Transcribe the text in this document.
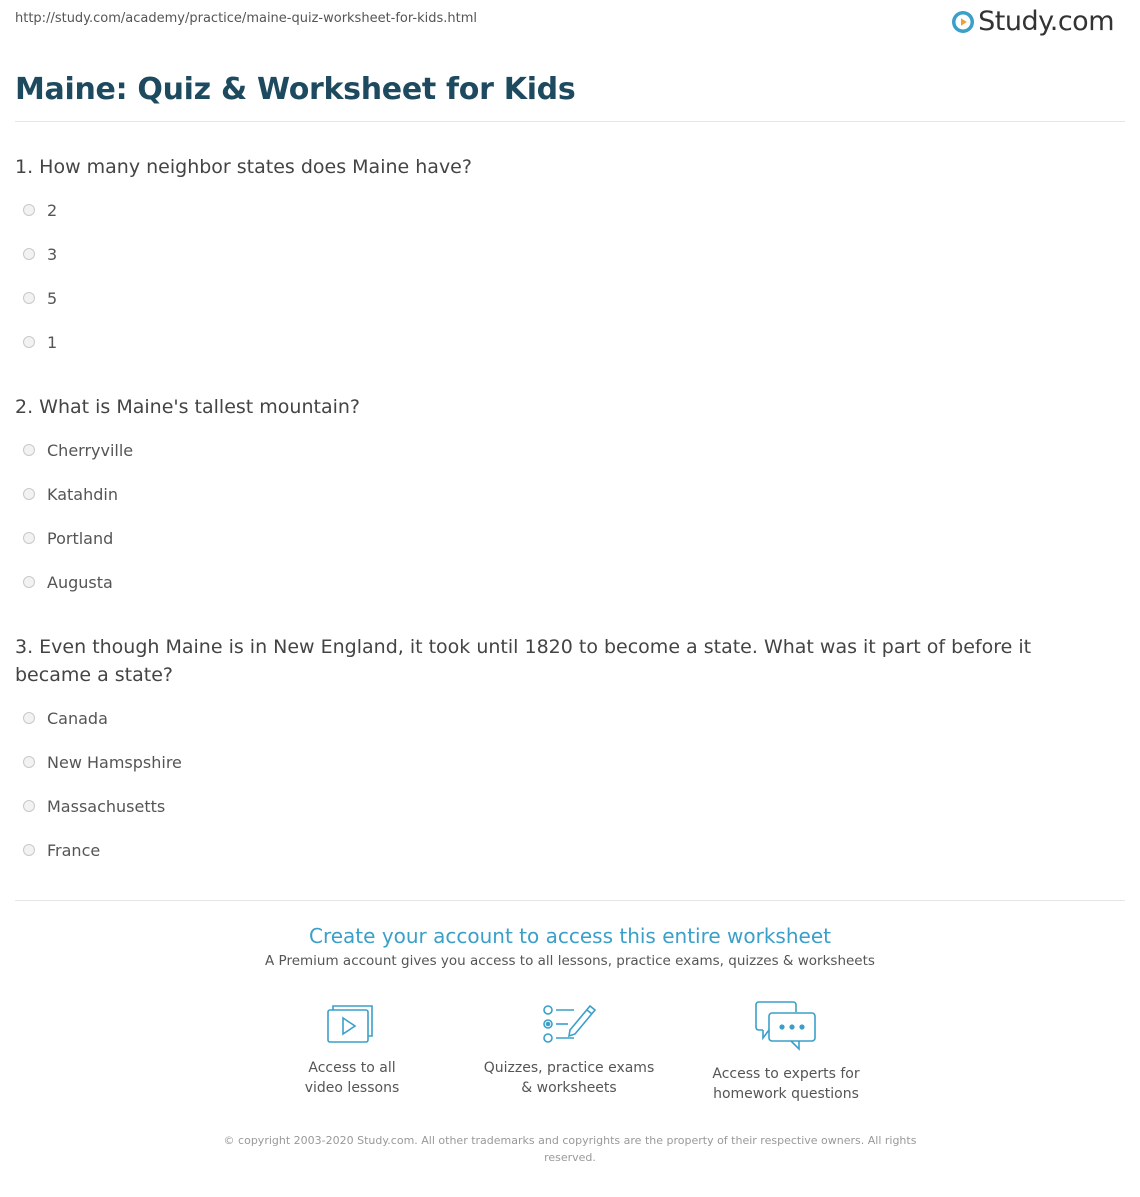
http://study.com/academy/practice/maine-quiz-worksheet-for-kids.html	Study.com
Maine: Quiz & Worksheet for Kids
1. How many neighbor states does Maine have?
2
3
5
1
2. What is Maine's tallest mountain?
Cherryville
Katahdin
Portland
Augusta
3. Even though Maine is in New England, it took until 1820 to become a state. What was it part of before it became a state?
Canada
New Hamspshire
Massachusetts
France
Create your account to access this entire worksheet
A Premium account gives you access to all lessons, practice exams, quizzes & worksheets
Access to all
video lessons
Quizzes, practice exams
& worksheets
Access to experts for
homework questions
© copyright 2003-2020 Study.com. All other trademarks and copyrights are the property of their respective owners. All rights reserved.
